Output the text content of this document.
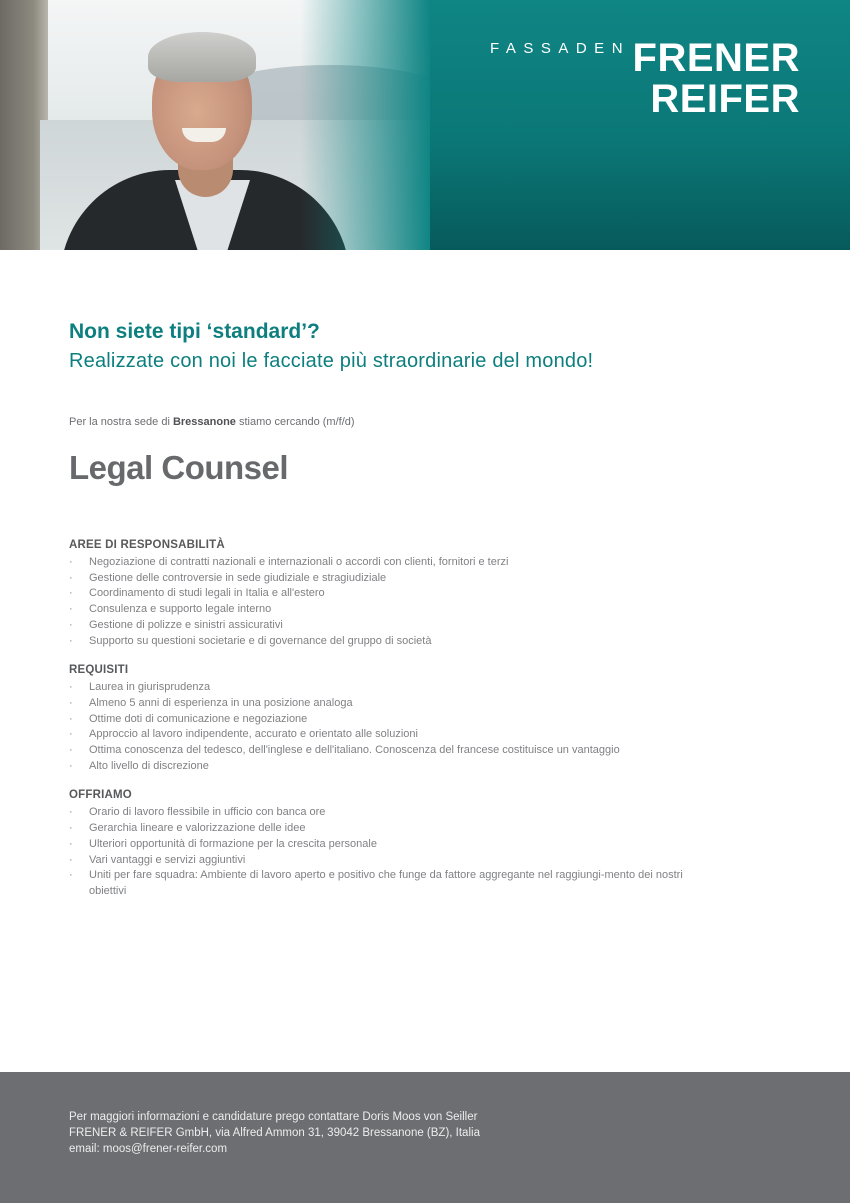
FASSADEN FRENER
REIFER
Non siete tipi ‘standard’?

Realizzate con noi le facciate più straordinarie del mondo!

Per la nostra sede di Bressanone stiamo cercando (m/f/d)

Legal Counsel
AREE DI RESPONSABILITÀ
· Negoziazione di contratti nazionali e internazionali o accordi con clienti, fornitori e terzi
· Gestione delle controversie in sede giudiziale e stragiudiziale
· Coordinamento di studi legali in Italia e all'estero
· Consulenza e supporto legale interno
· Gestione di polizze e sinistri assicurativi
· Supporto su questioni societarie e di governance del gruppo di società
REQUISITI
· Laurea in giurisprudenza
· Almeno 5 anni di esperienza in una posizione analoga
· Ottime doti di comunicazione e negoziazione
· Approccio al lavoro indipendente, accurato e orientato alle soluzioni
· Ottima conoscenza del tedesco, dell'inglese e dell'italiano. Conoscenza del francese costituisce un vantaggio
· Alto livello di discrezione
OFFRIAMO
· Orario di lavoro flessibile in ufficio con banca ore
· Gerarchia lineare e valorizzazione delle idee
· Ulteriori opportunità di formazione per la crescita personale
· Vari vantaggi e servizi aggiuntivi
· Uniti per fare squadra: Ambiente di lavoro aperto e positivo che funge da fattore aggregante nel raggiungi-mento dei nostri obiettivi
Per maggiori informazioni e candidature prego contattare Doris Moos von Seiller
FRENER & REIFER GmbH, via Alfred Ammon 31, 39042 Bressanone (BZ), Italia
email: moos@frener-reifer.com
